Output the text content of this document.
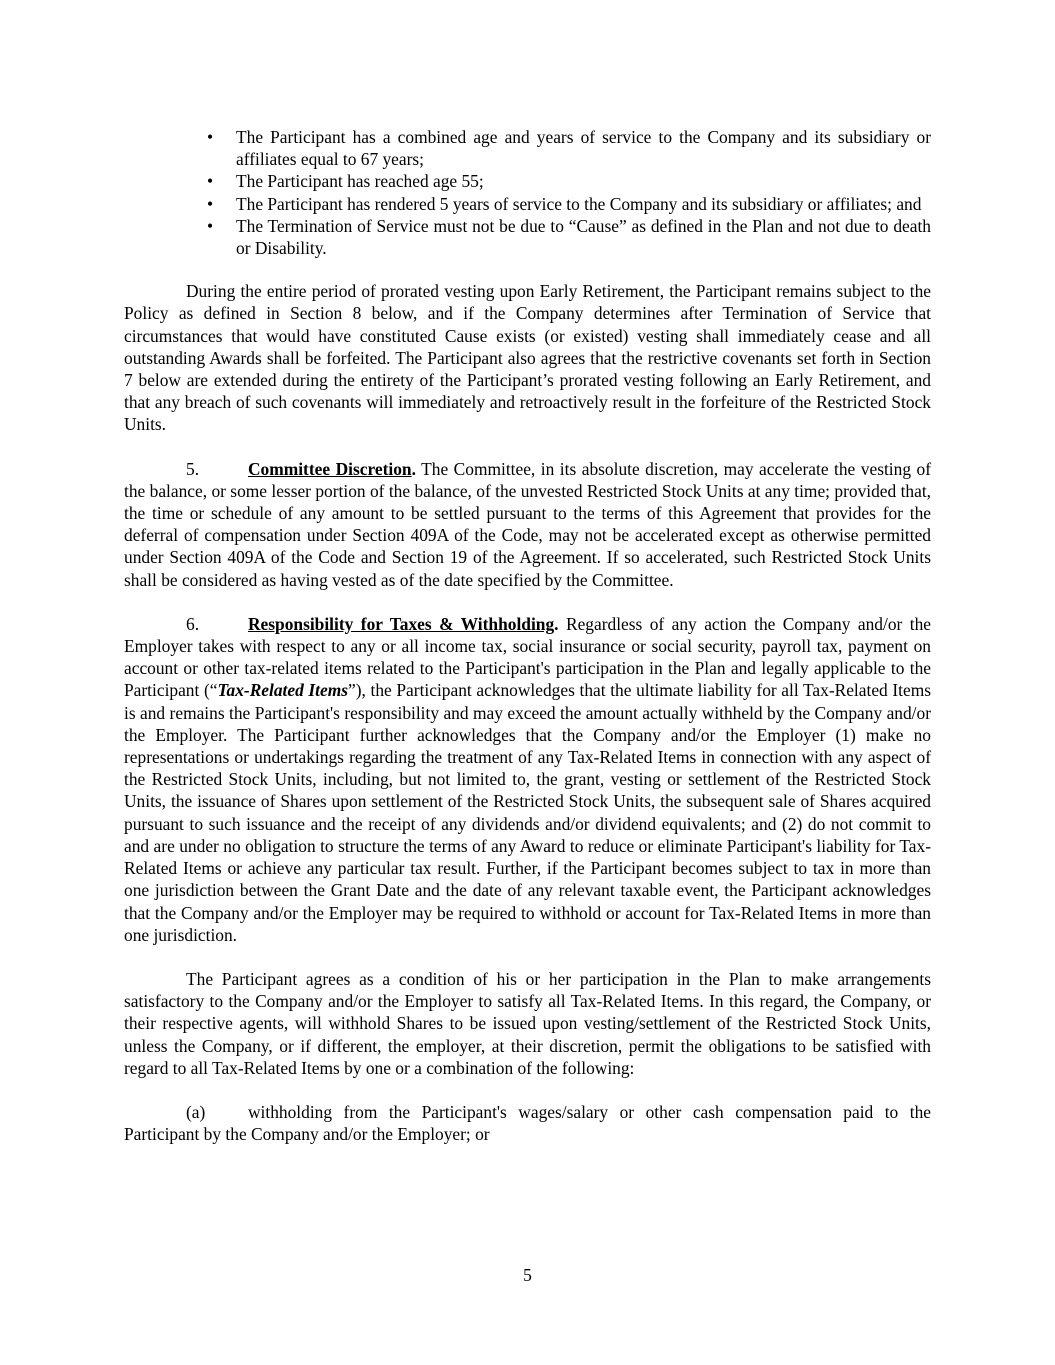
• The Participant has a combined age and years of service to the Company and its subsidiary or affiliates equal to 67 years;
• The Participant has reached age 55;
• The Participant has rendered 5 years of service to the Company and its subsidiary or affiliates; and
• The Termination of Service must not be due to “Cause” as defined in the Plan and not due to death or Disability.

During the entire period of prorated vesting upon Early Retirement, the Participant remains subject to the Policy as defined in Section 8 below, and if the Company determines after Termination of Service that circumstances that would have constituted Cause exists (or existed) vesting shall immediately cease and all outstanding Awards shall be forfeited. The Participant also agrees that the restrictive covenants set forth in Section 7 below are extended during the entirety of the Participant’s prorated vesting following an Early Retirement, and that any breach of such covenants will immediately and retroactively result in the forfeiture of the Restricted Stock Units.

5.	Committee Discretion. The Committee, in its absolute discretion, may accelerate the vesting of the balance, or some lesser portion of the balance, of the unvested Restricted Stock Units at any time; provided that, the time or schedule of any amount to be settled pursuant to the terms of this Agreement that provides for the deferral of compensation under Section 409A of the Code, may not be accelerated except as otherwise permitted under Section 409A of the Code and Section 19 of the Agreement. If so accelerated, such Restricted Stock Units shall be considered as having vested as of the date specified by the Committee.

6.	Responsibility for Taxes & Withholding. Regardless of any action the Company and/or the Employer takes with respect to any or all income tax, social insurance or social security, payroll tax, payment on account or other tax-related items related to the Participant's participation in the Plan and legally applicable to the Participant (“Tax-Related Items”), the Participant acknowledges that the ultimate liability for all Tax-Related Items is and remains the Participant's responsibility and may exceed the amount actually withheld by the Company and/or the Employer. The Participant further acknowledges that the Company and/or the Employer (1) make no representations or undertakings regarding the treatment of any Tax-Related Items in connection with any aspect of the Restricted Stock Units, including, but not limited to, the grant, vesting or settlement of the Restricted Stock Units, the issuance of Shares upon settlement of the Restricted Stock Units, the subsequent sale of Shares acquired pursuant to such issuance and the receipt of any dividends and/or dividend equivalents; and (2) do not commit to and are under no obligation to structure the terms of any Award to reduce or eliminate Participant's liability for Tax-Related Items or achieve any particular tax result. Further, if the Participant becomes subject to tax in more than one jurisdiction between the Grant Date and the date of any relevant taxable event, the Participant acknowledges that the Company and/or the Employer may be required to withhold or account for Tax-Related Items in more than one jurisdiction.

The Participant agrees as a condition of his or her participation in the Plan to make arrangements satisfactory to the Company and/or the Employer to satisfy all Tax-Related Items. In this regard, the Company, or their respective agents, will withhold Shares to be issued upon vesting/settlement of the Restricted Stock Units, unless the Company, or if different, the employer, at their discretion, permit the obligations to be satisfied with regard to all Tax-Related Items by one or a combination of the following:

(a) withholding from the Participant's wages/salary or other cash compensation paid to the Participant by the Company and/or the Employer; or

5
